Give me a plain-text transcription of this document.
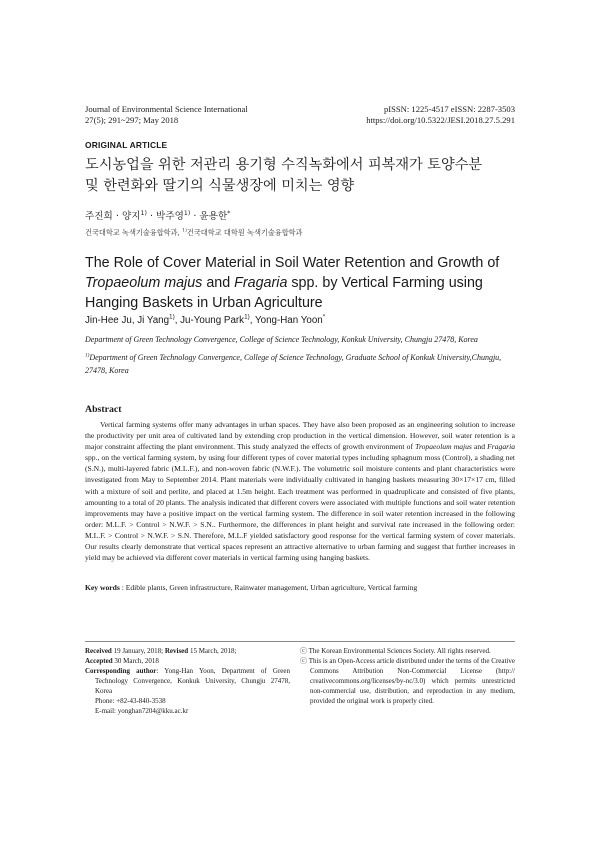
Journal of Environmental Science International
27(5); 291~297; May 2018
pISSN: 1225-4517 eISSN: 2287-3503
https://doi.org/10.5322/JESI.2018.27.5.291
ORIGINAL ARTICLE
도시농업을 위한 저관리 용기형 수직녹화에서 피복재가 토양수분
및 한련화와 딸기의 식물생장에 미치는 영향
주진희 · 양지$^{1)}$ · 박주영$^{1)}$ · 윤용한*
건국대학교 녹색기술융합학과, $^{1)}$건국대학교 대학원 녹색기술융합학과
The Role of Cover Material in Soil Water Retention and Growth of
Tropaeolum majus and Fragaria spp. by Vertical Farming using
Hanging Baskets in Urban Agriculture
Jin-Hee Ju, Ji Yang$^{1)}$, Ju-Young Park$^{1)}$, Yong-Han Yoon*
Department of Green Technology Convergence, College of Science Technology, Konkuk University, Chungju 27478, Korea
$^{1)}$Department of Green Technology Convergence, College of Science Technology, Graduate School of Konkuk University,Chungju, 27478, Korea
Abstract
Vertical farming systems offer many advantages in urban spaces. They have also been proposed as an engineering solution to increase the productivity per unit area of cultivated land by extending crop production in the vertical dimension. However, soil water retention is a major constraint affecting the plant environment. This study analyzed the effects of growth environment of Tropaeolum majus and Fragaria spp., on the vertical farming system, by using four different types of cover material types including sphagnum moss (Control), a shading net (S.N.), multi-layered fabric (M.L.F.), and non-woven fabric (N.W.F.). The volumetric soil moisture contents and plant characteristics were investigated from May to September 2014. Plant materials were individually cultivated in hanging baskets measuring 30×17×17 cm, filled with a mixture of soil and perlite, and placed at 1.5m height. Each treatment was performed in quadruplicate and consisted of five plants, amounting to a total of 20 plants. The analysis indicated that different covers were associated with multiple functions and soil water retention improvements may have a positive impact on the vertical farming system. The difference in soil water retention increased in the following order: M.L.F. > Control > N.W.F. > S.N.. Furthermore, the differences in plant height and survival rate increased in the following order: M.L.F. > Control > N.W.F. > S.N. Therefore, M.L.F yielded satisfactory good response for the vertical farming system of cover materials. Our results clearly demonstrate that vertical spaces represent an attractive alternative to urban farming and suggest that further increases in yield may be achieved via different cover materials in vertical farming using hanging baskets.
Key words : Edible plants, Green infrastructure, Rainwater management, Urban agriculture, Vertical farming
Received 19 January, 2018; Revised 15 March, 2018;
Accepted 30 March, 2018
Corresponding author: Yong-Han Yoon, Department of Green Technology Convergence, Konkuk University, Chungju 27478, Korea
Phone: +82-43-840-3538
E-mail: yonghan7204@kku.ac.kr
ⓒ The Korean Environmental Sciences Society. All rights reserved.
ⓒ This is an Open-Access article distributed under the terms of the Creative Commons Attribution Non-Commercial License (http:// creativecommons.org/licenses/by-nc/3.0) which permits unrestricted non-commercial use, distribution, and reproduction in any medium, provided the original work is properly cited.
